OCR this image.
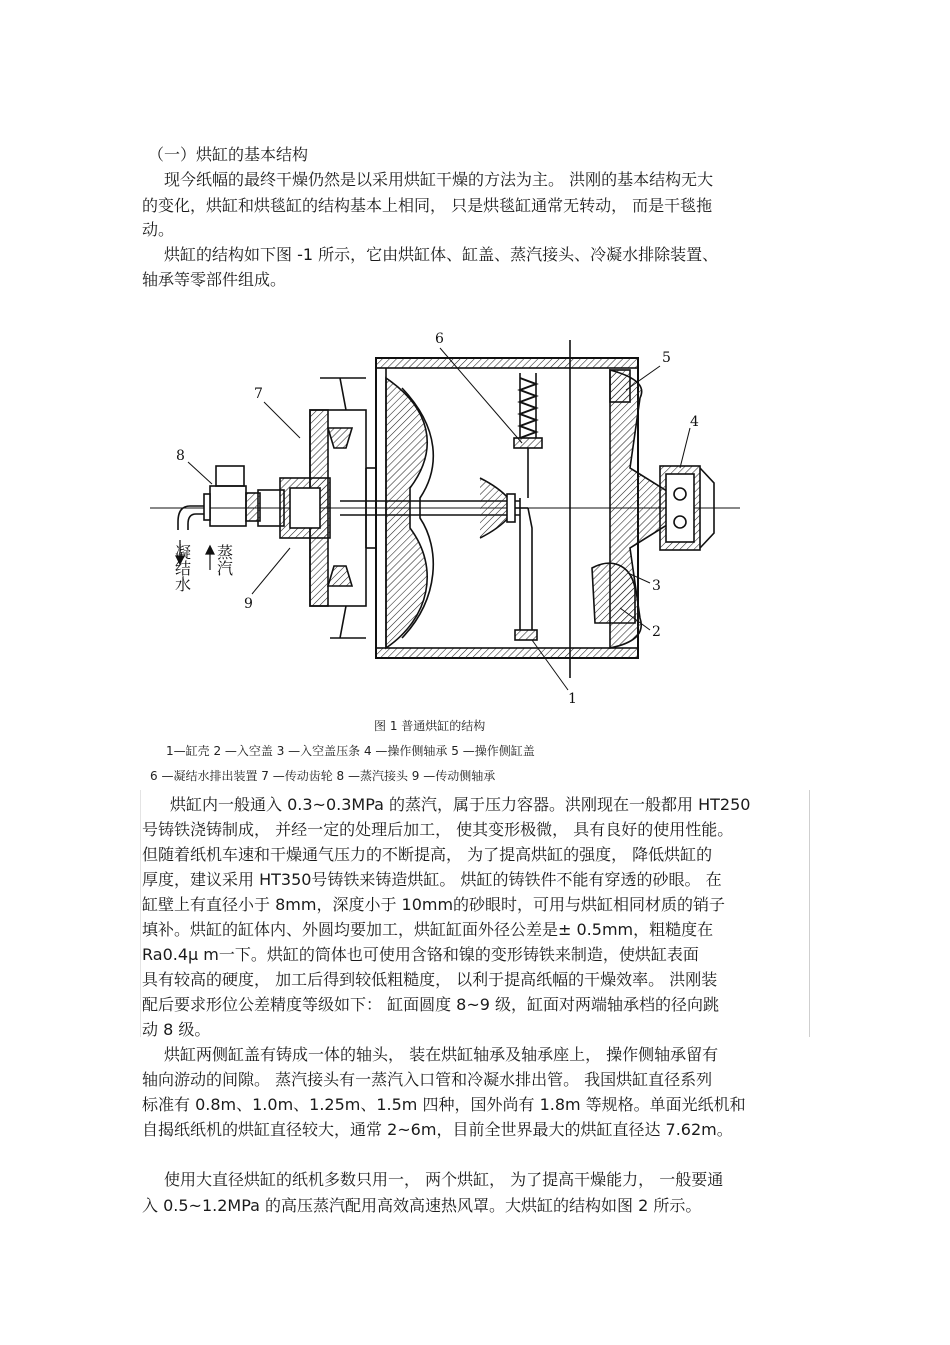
（一）烘缸的基本结构
现今纸幅的最终干燥仍然是以采用烘缸干燥的方法为主。 洪刚的基本结构无大
的变化，烘缸和烘毯缸的结构基本上相同， 只是烘毯缸通常无转动， 而是干毯拖
动。
烘缸的结构如下图 -1 所示，它由烘缸体、缸盖、蒸汽接头、冷凝水排除装置、
轴承等零部件组成。
6
5
4
3
2
1
7
8
9
凝结水 蒸汽
图 1 普通烘缸的结构
1—缸壳 2 —入空盖 3 —入空盖压条 4 —操作侧轴承 5 —操作侧缸盖
6 —凝结水排出装置 7 —传动齿轮 8 —蒸汽接头 9 —传动侧轴承
烘缸内一般通入 0.3~0.3MPa 的蒸汽，属于压力容器。洪刚现在一般都用 HT250
号铸铁浇铸制成， 并经一定的处理后加工， 使其变形极微， 具有良好的使用性能。
但随着纸机车速和干燥通气压力的不断提高， 为了提高烘缸的强度， 降低烘缸的
厚度，建议采用 HT350号铸铁来铸造烘缸。 烘缸的铸铁件不能有穿透的砂眼。 在
缸壁上有直径小于 8mm，深度小于 10mm的砂眼时，可用与烘缸相同材质的销子
填补。烘缸的缸体内、外圆均要加工，烘缸缸面外径公差是± 0.5mm，粗糙度在
Ra0.4μ m一下。烘缸的筒体也可使用含铬和镍的变形铸铁来制造，使烘缸表面
具有较高的硬度， 加工后得到较低粗糙度， 以利于提高纸幅的干燥效率。 洪刚装
配后要求形位公差精度等级如下： 缸面圆度 8~9 级，缸面对两端轴承档的径向跳
动 8 级。
烘缸两侧缸盖有铸成一体的轴头， 装在烘缸轴承及轴承座上， 操作侧轴承留有
轴向游动的间隙。 蒸汽接头有一蒸汽入口管和冷凝水排出管。 我国烘缸直径系列
标准有 0.8m、1.0m、1.25m、1.5m 四种，国外尚有 1.8m 等规格。单面光纸机和
自揭纸纸机的烘缸直径较大，通常 2~6m，目前全世界最大的烘缸直径达 7.62m。
使用大直径烘缸的纸机多数只用一， 两个烘缸， 为了提高干燥能力， 一般要通
入 0.5~1.2MPa 的高压蒸汽配用高效高速热风罩。大烘缸的结构如图 2 所示。
